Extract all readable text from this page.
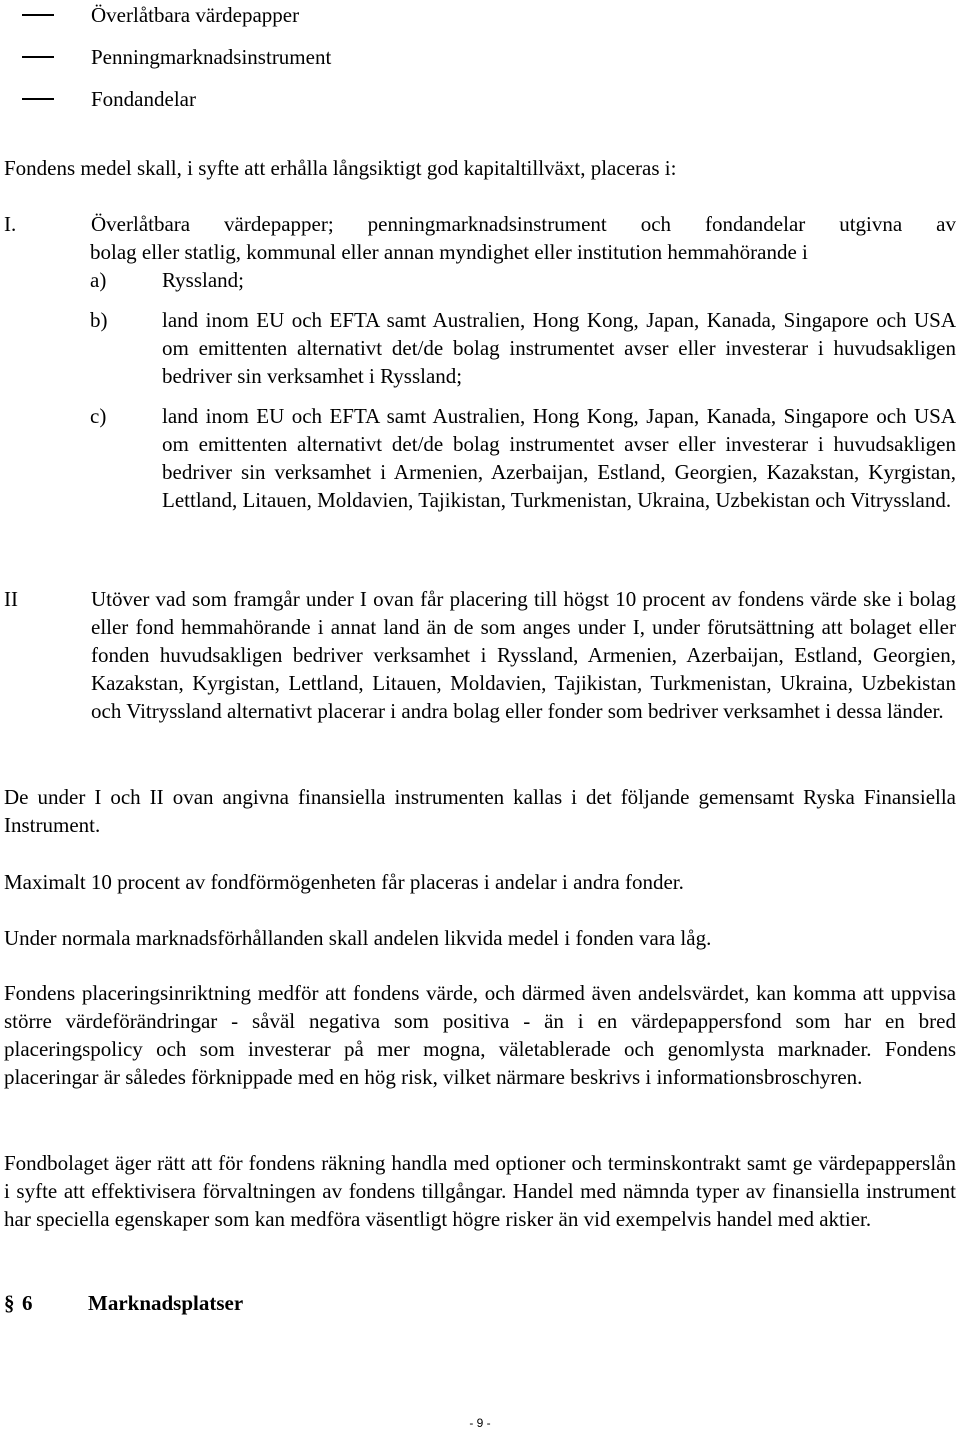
Överlåtbara värdepapper
Penningmarknadsinstrument
Fondandelar
Fondens medel skall, i syfte att erhålla långsiktigt god kapitaltillväxt, placeras i:
I.	Överlåtbara värdepapper; penningmarknadsinstrument och fondandelar utgivna av
bolag eller statlig, kommunal eller annan myndighet eller institution hemmahörande i
a)	Ryssland;
b)	land inom EU och EFTA samt Australien, Hong Kong, Japan, Kanada, Singapore och USA om emittenten alternativt det/de bolag instrumentet avser eller investerar i huvudsakligen bedriver sin verksamhet i Ryssland;
c)	land inom EU och EFTA samt Australien, Hong Kong, Japan, Kanada, Singapore och USA om emittenten alternativt det/de bolag instrumentet avser eller investerar i huvudsakligen bedriver sin verksamhet i Armenien, Azerbaijan, Estland, Georgien, Kazakstan, Kyrgistan, Lettland, Litauen, Moldavien, Tajikistan, Turkmenistan, Ukraina, Uzbekistan och Vitryssland.
II	Utöver vad som framgår under I ovan får placering till högst 10 procent av fondens värde ske i bolag eller fond hemmahörande i annat land än de som anges under I, under förutsättning att bolaget eller fonden huvudsakligen bedriver verksamhet i Ryssland, Armenien, Azerbaijan, Estland, Georgien, Kazakstan, Kyrgistan, Lettland, Litauen, Moldavien, Tajikistan, Turkmenistan, Ukraina, Uzbekistan och Vitryssland alternativt placerar i andra bolag eller fonder som bedriver verksamhet i dessa länder.
De under I och II ovan angivna finansiella instrumenten kallas i det följande gemensamt Ryska Finansiella Instrument.
Maximalt 10 procent av fondförmögenheten får placeras i andelar i andra fonder.
Under normala marknadsförhållanden skall andelen likvida medel i fonden vara låg.
Fondens placeringsinriktning medför att fondens värde, och därmed även andelsvärdet, kan komma att uppvisa större värdeförändringar - såväl negativa som positiva - än i en värdepappersfond som har en bred placeringspolicy och som investerar på mer mogna, väletablerade och genomlysta marknader. Fondens placeringar är således förknippade med en hög risk, vilket närmare beskrivs i informationsbroschyren.
Fondbolaget äger rätt att för fondens räkning handla med optioner och terminskontrakt samt ge värdepapperslån i syfte att effektivisera förvaltningen av fondens tillgångar. Handel med nämnda typer av finansiella instrument har speciella egenskaper som kan medföra väsentligt högre risker än vid exempelvis handel med aktier.
§ 6	Marknadsplatser
- 9 -
